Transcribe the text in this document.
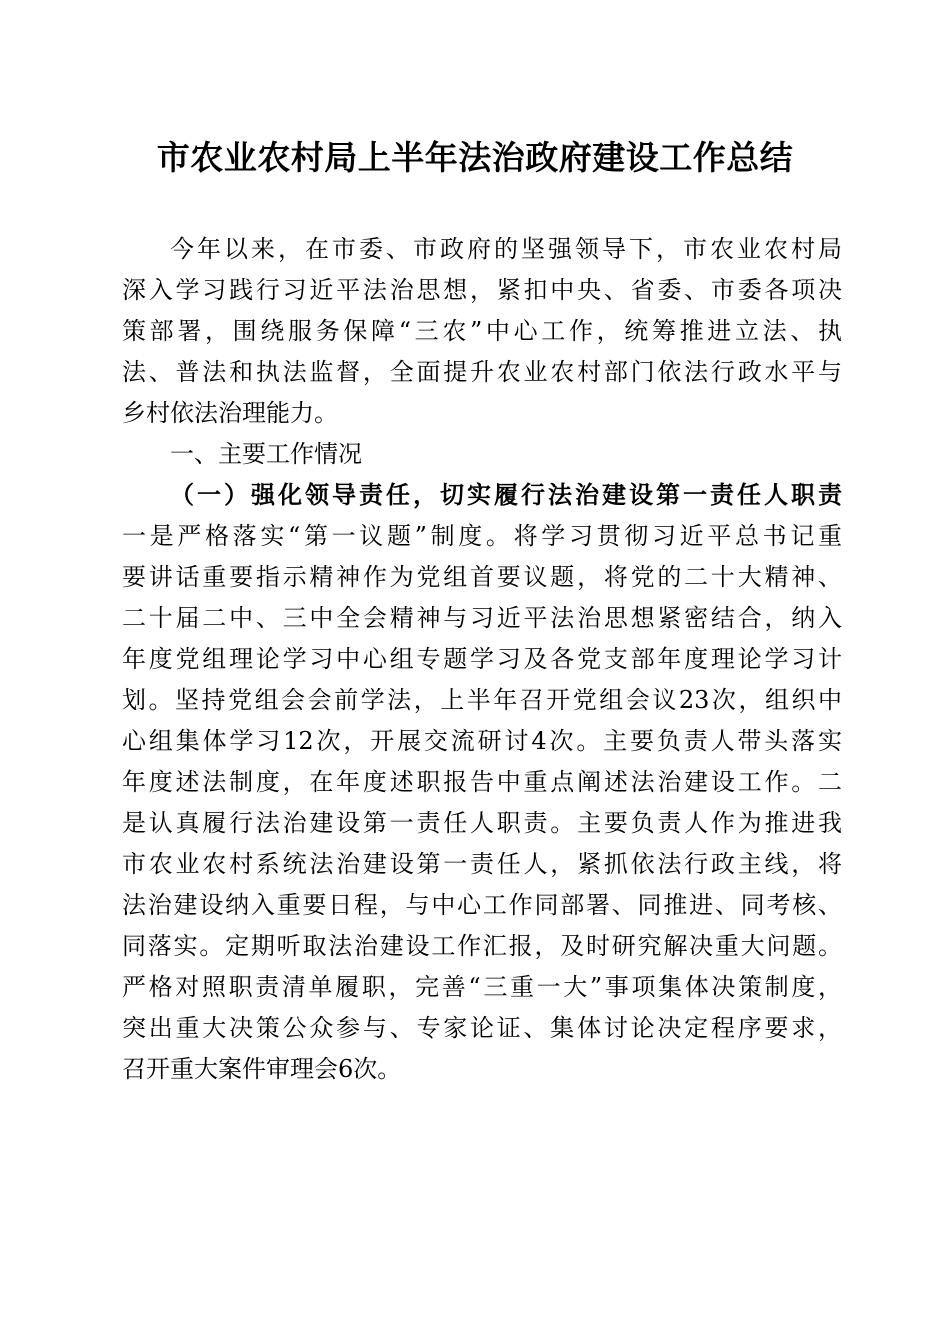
市农业农村局上半年法治政府建设工作总结

今年以来，在市委、市政府的坚强领导下，市农业农村局

深入学习践行习近平法治思想，紧扣中央、省委、市委各项决

策部署，围绕服务保障“三农”中心工作，统筹推进立法、执

法、普法和执法监督，全面提升农业农村部门依法行政水平与

乡村依法治理能力。

一、主要工作情况

（一）强化领导责任，切实履行法治建设第一责任人职责

一是严格落实“第一议题”制度。将学习贯彻习近平总书记重

要讲话重要指示精神作为党组首要议题，将党的二十大精神、

二十届二中、三中全会精神与习近平法治思想紧密结合，纳入

年度党组理论学习中心组专题学习及各党支部年度理论学习计

划。坚持党组会会前学法，上半年召开党组会议23次，组织中

心组集体学习12次，开展交流研讨4次。主要负责人带头落实

年度述法制度，在年度述职报告中重点阐述法治建设工作。二

是认真履行法治建设第一责任人职责。主要负责人作为推进我

市农业农村系统法治建设第一责任人，紧抓依法行政主线，将

法治建设纳入重要日程，与中心工作同部署、同推进、同考核、

同落实。定期听取法治建设工作汇报，及时研究解决重大问题。

严格对照职责清单履职，完善“三重一大”事项集体决策制度，

突出重大决策公众参与、专家论证、集体讨论决定程序要求，

召开重大案件审理会6次。
